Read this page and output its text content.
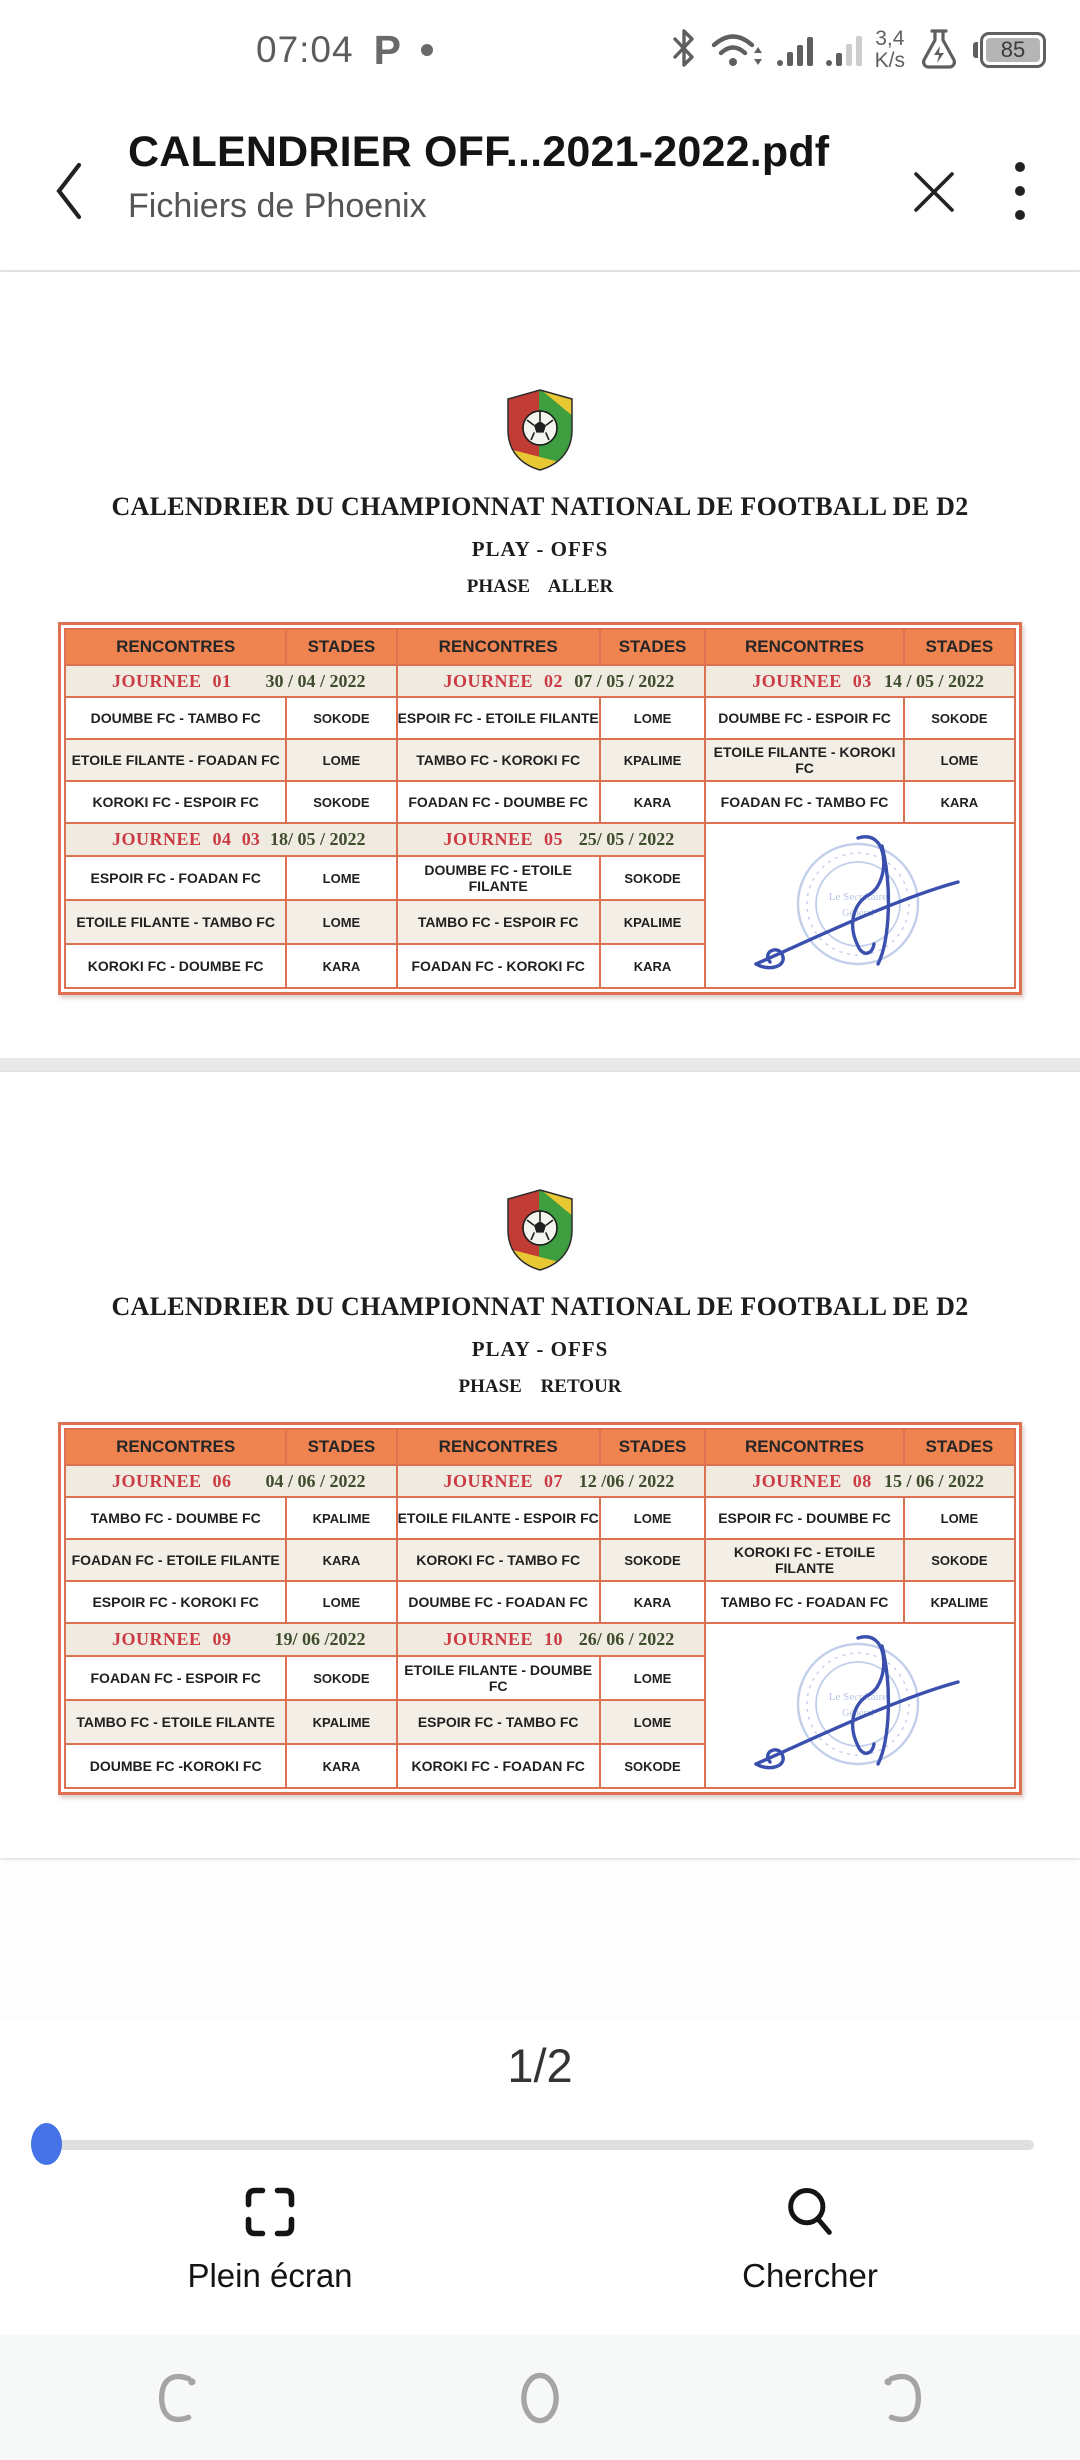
07:04 P	3,4
K/s	85
CALENDRIER OFF...2021-2022.pdf
Fichiers de Phoenix
CALENDRIER DU CHAMPIONNAT NATIONAL DE FOOTBALL DE D2
PLAY - OFFS
PHASE ALLER
RENCONTRES	STADES	RENCONTRES	STADES	RENCONTRES	STADES

JOURNEE 01 30 / 04 / 2022		JOURNEE 02 07 / 05 / 2022		JOURNEE 03 14 / 05 / 2022	

DOUMBE FC - TAMBO FC	SOKODE	ESPOIR FC - ETOILE FILANTE	LOME	DOUMBE FC - ESPOIR FC	SOKODE
ETOILE FILANTE - FOADAN FC	LOME	TAMBO FC - KOROKI FC	KPALIME	ETOILE FILANTE - KOROKI FC	LOME
KOROKI FC - ESPOIR FC	SOKODE	FOADAN FC - DOUMBE FC	KARA	FOADAN FC - TAMBO FC	KARA

JOURNEE 04 03 18/ 05 / 2022		JOURNEE 05 25/ 05 / 2022		Le Secrétaire
Général	

ESPOIR FC - FOADAN FC	LOME	DOUMBE FC - ETOILE FILANTE	SOKODE		
ETOILE FILANTE - TAMBO FC	LOME	TAMBO FC - ESPOIR FC	KPALIME		
KOROKI FC - DOUMBE FC	KARA	FOADAN FC - KOROKI FC	KARA		
CALENDRIER DU CHAMPIONNAT NATIONAL DE FOOTBALL DE D2
PLAY - OFFS
PHASE RETOUR
RENCONTRES	STADES	RENCONTRES	STADES	RENCONTRES	STADES

JOURNEE 06 04 / 06 / 2022		JOURNEE 07 12 /06 / 2022		JOURNEE 08 15 / 06 / 2022	

TAMBO FC - DOUMBE FC	KPALIME	ETOILE FILANTE - ESPOIR FC	LOME	ESPOIR FC - DOUMBE FC	LOME
FOADAN FC - ETOILE FILANTE	KARA	KOROKI FC - TAMBO FC	SOKODE	KOROKI FC - ETOILE FILANTE	SOKODE
ESPOIR FC - KOROKI FC	LOME	DOUMBE FC - FOADAN FC	KARA	TAMBO FC - FOADAN FC	KPALIME

JOURNEE 09 19/ 06 /2022		JOURNEE 10 26/ 06 / 2022		Le Secrétaire
Général	

FOADAN FC - ESPOIR FC	SOKODE	ETOILE FILANTE - DOUMBE FC	LOME		
TAMBO FC - ETOILE FILANTE	KPALIME	ESPOIR FC - TAMBO FC	LOME		
DOUMBE FC -KOROKI FC	KARA	KOROKI FC - FOADAN FC	SOKODE		
1/2
Plein écran	Chercher
